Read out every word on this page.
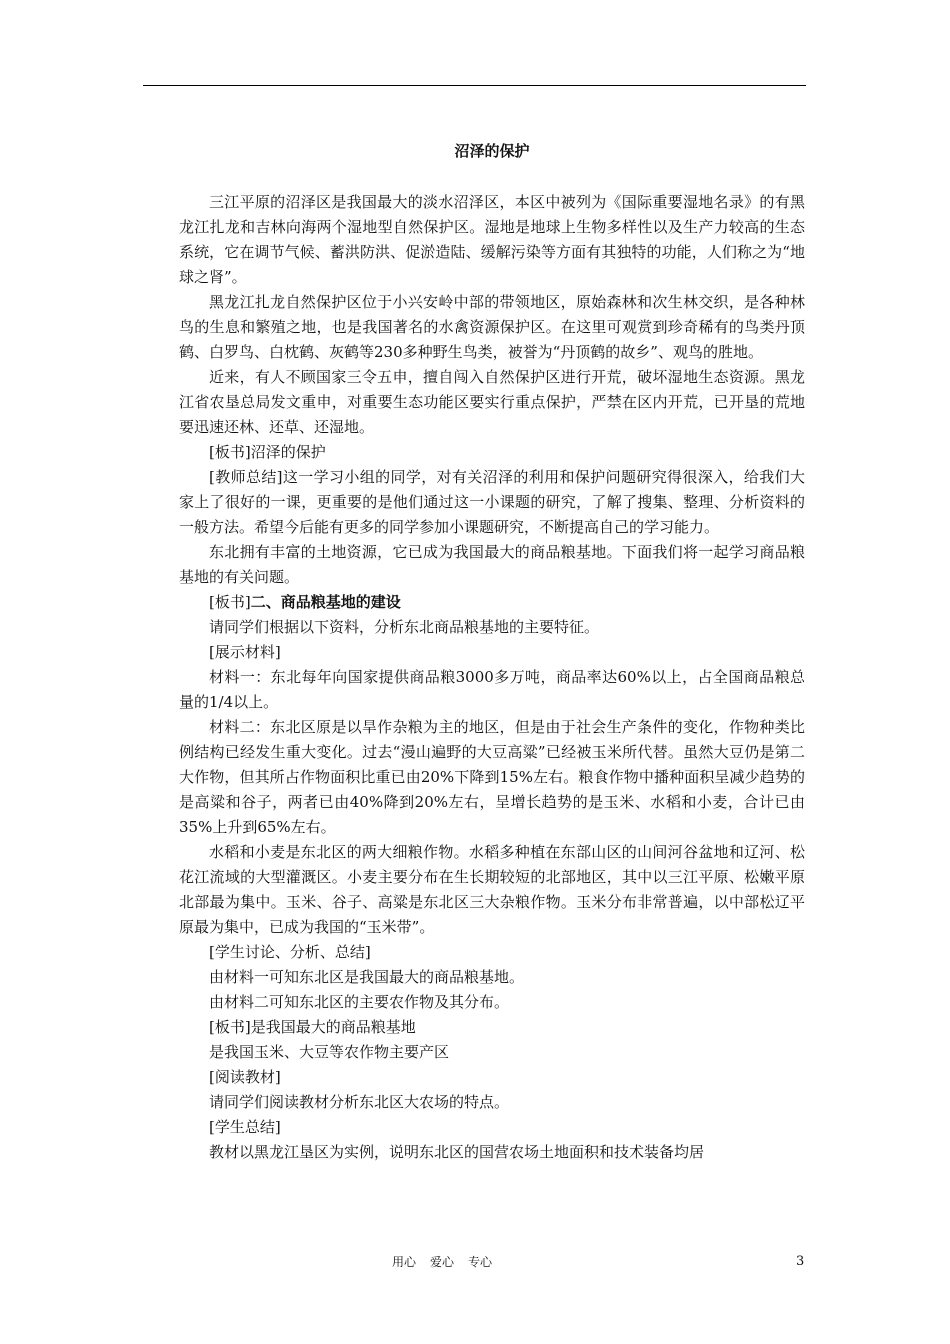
沼泽的保护

三江平原的沼泽区是我国最大的淡水沼泽区，本区中被列为《国际重要湿地名录》的有黑龙江扎龙和吉林向海两个湿地型自然保护区。湿地是地球上生物多样性以及生产力较高的生态系统，它在调节气候、蓄洪防洪、促淤造陆、缓解污染等方面有其独特的功能，人们称之为“地球之肾”。

黑龙江扎龙自然保护区位于小兴安岭中部的带领地区，原始森林和次生林交织，是各种林鸟的生息和繁殖之地，也是我国著名的水禽资源保护区。在这里可观赏到珍奇稀有的鸟类丹顶鹤、白罗鸟、白枕鹤、灰鹤等230多种野生鸟类，被誉为“丹顶鹤的故乡”、观鸟的胜地。

近来，有人不顾国家三令五申，擅自闯入自然保护区进行开荒，破坏湿地生态资源。黑龙江省农垦总局发文重申，对重要生态功能区要实行重点保护，严禁在区内开荒，已开垦的荒地要迅速还林、还草、还湿地。

[板书]沼泽的保护

[教师总结]这一学习小组的同学，对有关沼泽的利用和保护问题研究得很深入，给我们大家上了很好的一课，更重要的是他们通过这一小课题的研究，了解了搜集、整理、分析资料的一般方法。希望今后能有更多的同学参加小课题研究，不断提高自己的学习能力。

东北拥有丰富的土地资源，它已成为我国最大的商品粮基地。下面我们将一起学习商品粮基地的有关问题。

[板书]二、商品粮基地的建设

请同学们根据以下资料，分析东北商品粮基地的主要特征。

[展示材料]

材料一：东北每年向国家提供商品粮3000多万吨，商品率达60%以上，占全国商品粮总量的1/4以上。

材料二：东北区原是以旱作杂粮为主的地区，但是由于社会生产条件的变化，作物种类比例结构已经发生重大变化。过去“漫山遍野的大豆高粱”已经被玉米所代替。虽然大豆仍是第二大作物，但其所占作物面积比重已由20%下降到15%左右。粮食作物中播种面积呈减少趋势的是高粱和谷子，两者已由40%降到20%左右，呈增长趋势的是玉米、水稻和小麦，合计已由35%上升到65%左右。

水稻和小麦是东北区的两大细粮作物。水稻多种植在东部山区的山间河谷盆地和辽河、松花江流域的大型灌溉区。小麦主要分布在生长期较短的北部地区，其中以三江平原、松嫩平原北部最为集中。玉米、谷子、高粱是东北区三大杂粮作物。玉米分布非常普遍，以中部松辽平原最为集中，已成为我国的“玉米带”。

[学生讨论、分析、总结]

由材料一可知东北区是我国最大的商品粮基地。

由材料二可知东北区的主要农作物及其分布。

[板书]是我国最大的商品粮基地

是我国玉米、大豆等农作物主要产区

[阅读教材]

请同学们阅读教材分析东北区大农场的特点。

[学生总结]

教材以黑龙江垦区为实例，说明东北区的国营农场土地面积和技术装备均居

用心 爱心 专心	3
